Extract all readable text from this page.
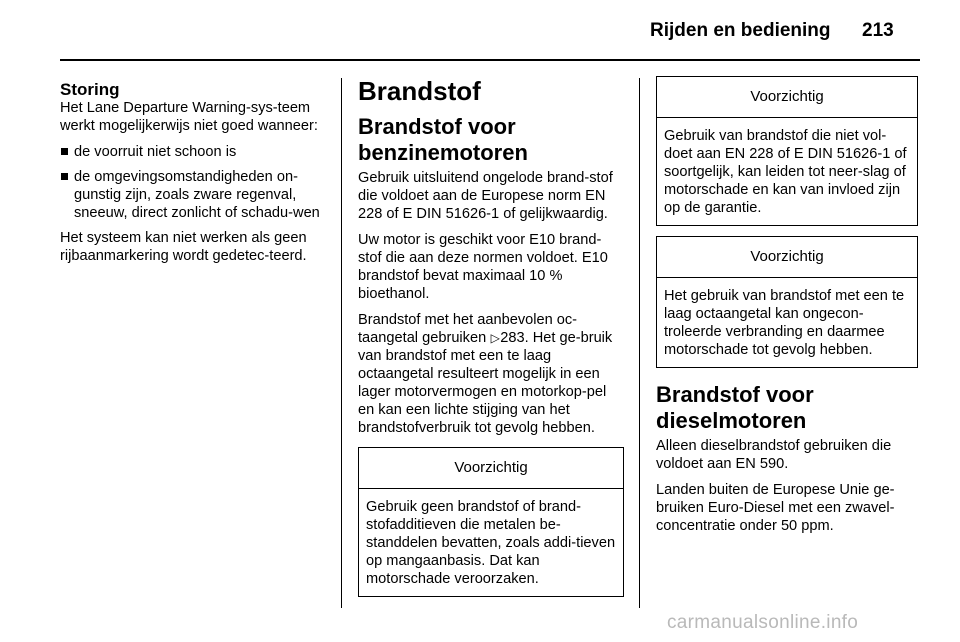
Rijden en bediening 213
Storing

Het Lane Departure Warning-sys-teem werkt mogelijkerwijs niet goed wanneer:

de voorruit niet schoon is
de omgevingsomstandigheden on-gunstig zijn, zoals zware regenval, sneeuw, direct zonlicht of schadu-wen

Het systeem kan niet werken als geen rijbaanmarkering wordt gedetec-teerd.

Brandstof
Brandstof voor benzinemotoren

Gebruik uitsluitend ongelode brand-stof die voldoet aan de Europese norm EN 228 of E DIN 51626-1 of gelijkwaardig.

Uw motor is geschikt voor E10 brand-stof die aan deze normen voldoet. E10 brandstof bevat maximaal 10 % bioethanol.

Brandstof met het aanbevolen oc-taangetal gebruiken ▷283. Het ge-bruik van brandstof met een te laag octaangetal resulteert mogelijk in een lager motorvermogen en motorkop-pel en kan een lichte stijging van het brandstofverbruik tot gevolg hebben.

Voorzichtig
Gebruik geen brandstof of brand-stofadditieven die metalen be-standdelen bevatten, zoals addi-tieven op mangaanbasis. Dat kan motorschade veroorzaken.
Voorzichtig
Gebruik van brandstof die niet vol-doet aan EN 228 of E DIN 51626-1 of soortgelijk, kan leiden tot neer-slag of motorschade en kan van invloed zijn op de garantie.
Voorzichtig
Het gebruik van brandstof met een te laag octaangetal kan ongecon-troleerde verbranding en daarmee motorschade tot gevolg hebben.
Brandstof voor dieselmotoren

Alleen dieselbrandstof gebruiken die voldoet aan EN 590.

Landen buiten de Europese Unie ge-bruiken Euro-Diesel met een zwavel-concentratie onder 50 ppm.

carmanualsonline.info
